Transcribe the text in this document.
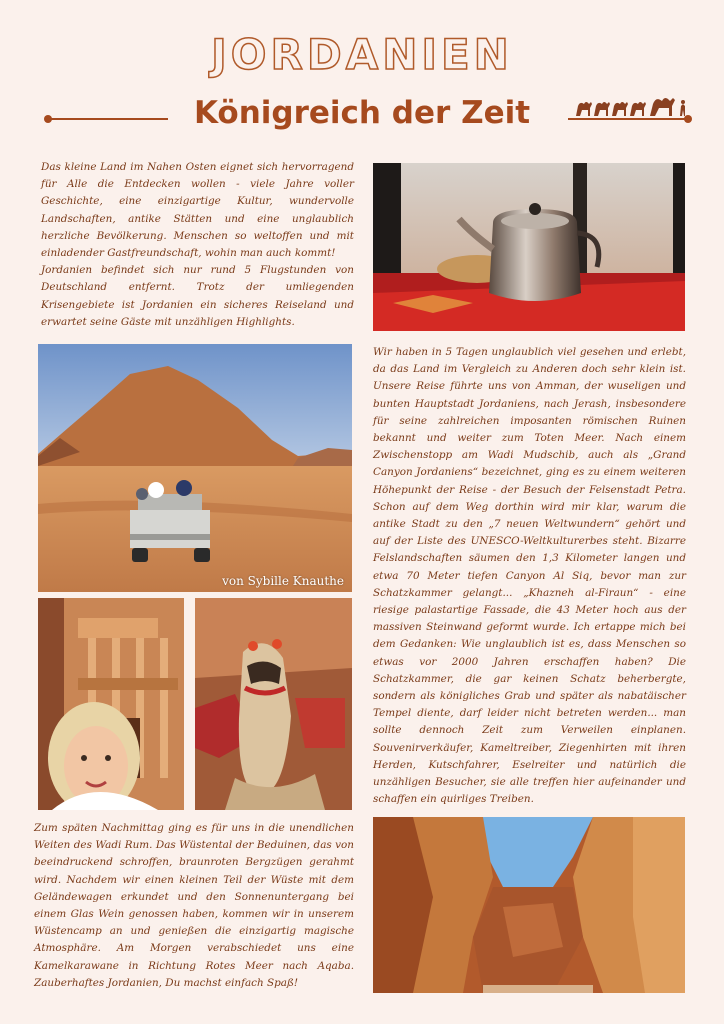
JORDANIEN
Königreich der Zeit

Das kleine Land im Nahen Osten eignet sich hervorragend für Alle die Entdecken wollen - viele Jahre voller Geschichte, eine einzigartige Kultur, wundervolle Landschaften, antike Stätten und eine unglaublich herzliche Bevölkerung. Menschen so weltoffen und mit einladender Gastfreundschaft, wohin man auch kommt!

Jordanien befindet sich nur rund 5 Flugstunden von Deutschland entfernt. Trotz der umliegenden Krisengebiete ist Jordanien ein sicheres Reiseland und erwartet seine Gäste mit unzähligen Highlights.

von Sybille Knauthe

Wir haben in 5 Tagen unglaublich viel gesehen und erlebt, da das Land im Vergleich zu Anderen doch sehr klein ist. Unsere Reise führte uns von Amman, der wuseligen und bunten Hauptstadt Jordaniens, nach Jerash, insbesondere für seine zahlreichen imposanten römischen Ruinen bekannt und weiter zum Toten Meer. Nach einem Zwischenstopp am Wadi Mudschib, auch als „Grand Canyon Jordaniens“ bezeichnet, ging es zu einem weiteren Höhepunkt der Reise - der Besuch der Felsenstadt Petra. Schon auf dem Weg dorthin wird mir klar, warum die antike Stadt zu den „7 neuen Weltwundern“ gehört und auf der Liste des UNESCO-Weltkulturerbes steht. Bizarre Felslandschaften säumen den 1,3 Kilometer langen und etwa 70 Meter tiefen Canyon Al Siq, bevor man zur Schatzkammer gelangt... „Khazneh al-Firaun“ - eine riesige palastartige Fassade, die 43 Meter hoch aus der massiven Steinwand geformt wurde. Ich ertappe mich bei dem Gedanken: Wie unglaublich ist es, dass Menschen so etwas vor 2000 Jahren erschaffen haben? Die Schatzkammer, die gar keinen Schatz beherbergte, sondern als königliches Grab und später als nabatäischer Tempel diente, darf leider nicht betreten werden... man sollte dennoch Zeit zum Verweilen einplanen. Souvenirverkäufer, Kameltreiber, Ziegenhirten mit ihren Herden, Kutschfahrer, Eselreiter und natürlich die unzähligen Besucher, sie alle treffen hier aufeinander und schaffen ein quirliges Treiben.

Zum späten Nachmittag ging es für uns in die unendlichen Weiten des Wadi Rum. Das Wüstental der Beduinen, das von beeindruckend schroffen, braunroten Bergzügen gerahmt wird. Nachdem wir einen kleinen Teil der Wüste mit dem Geländewagen erkundet und den Sonnenuntergang bei einem Glas Wein genossen haben, kommen wir in unserem Wüstencamp an und genießen die einzigartig magische Atmosphäre. Am Morgen verabschiedet uns eine Kamelkarawane in Richtung Rotes Meer nach Aqaba. Zauberhaftes Jordanien, Du machst einfach Spaß!
